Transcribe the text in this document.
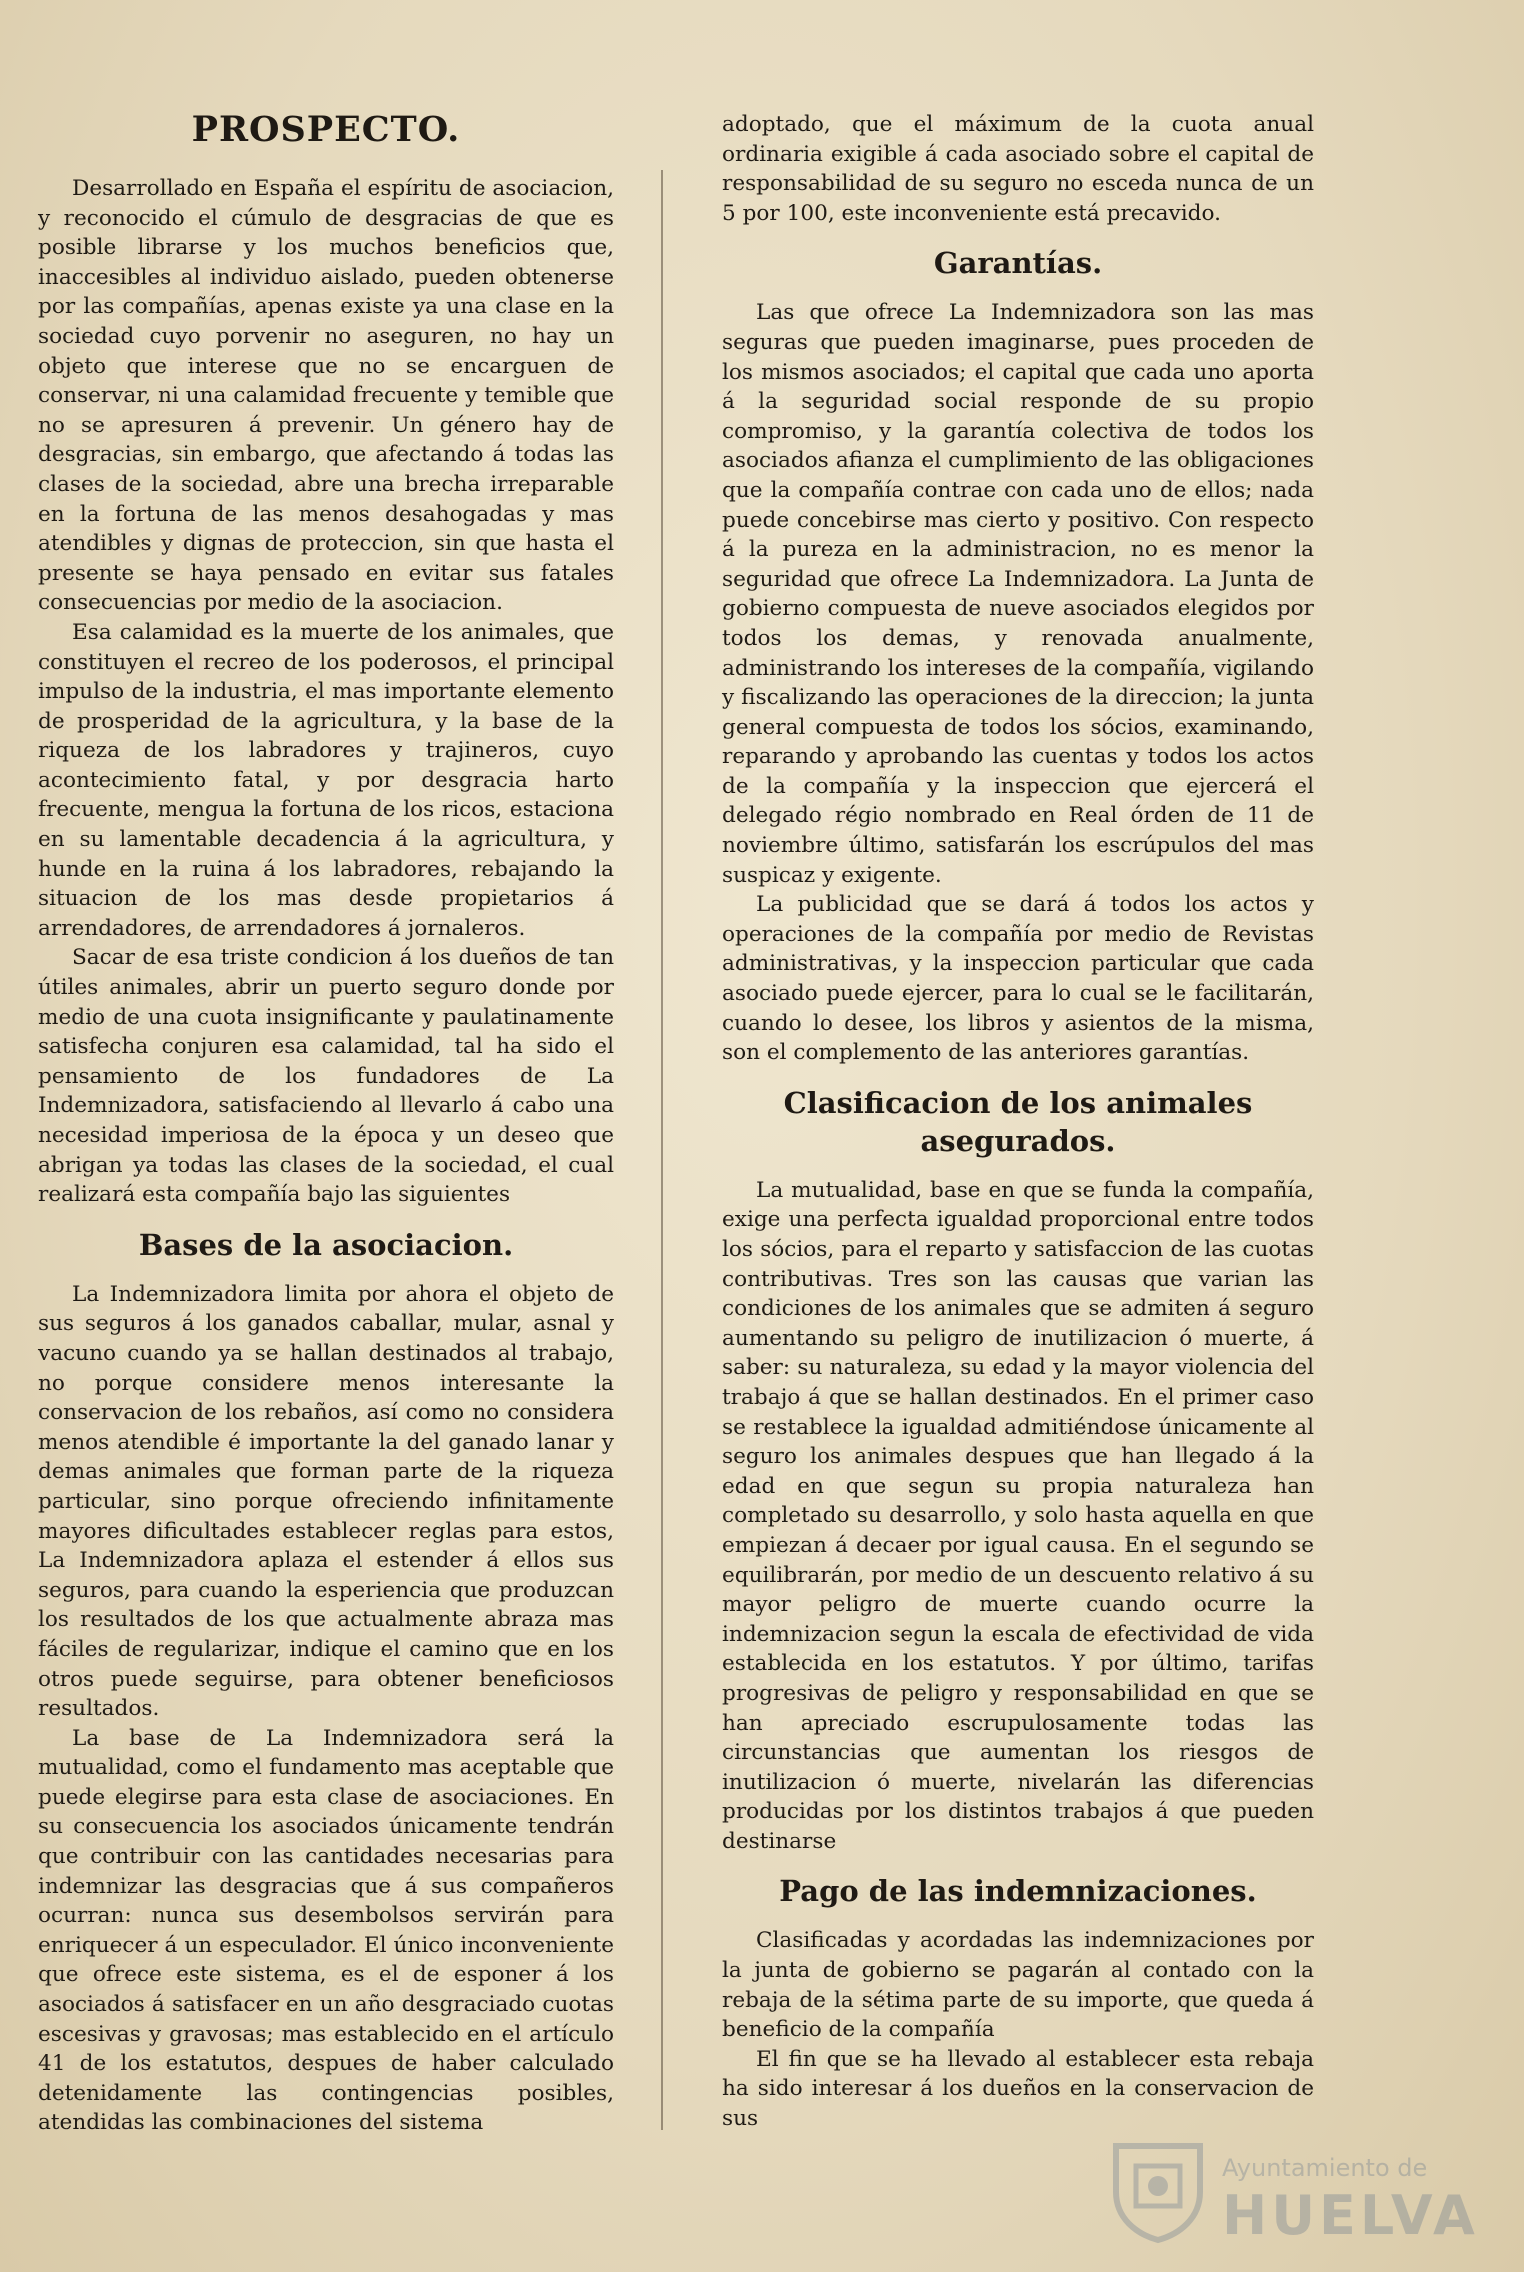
PROSPECTO.

Desarrollado en España el espíritu de asociacion, y reconocido el cúmulo de desgracias de que es posible librarse y los muchos beneficios que, inaccesibles al individuo aislado, pueden obtenerse por las compañías, apenas existe ya una clase en la sociedad cuyo porvenir no aseguren, no hay un objeto que interese que no se encarguen de conservar, ni una calamidad frecuente y temible que no se apresuren á prevenir. Un género hay de desgracias, sin embargo, que afectando á todas las clases de la sociedad, abre una brecha irreparable en la fortuna de las menos desahogadas y mas atendibles y dignas de proteccion, sin que hasta el presente se haya pensado en evitar sus fatales consecuencias por medio de la asociacion.

Esa calamidad es la muerte de los animales, que constituyen el recreo de los poderosos, el principal impulso de la industria, el mas importante elemento de prosperidad de la agricultura, y la base de la riqueza de los labradores y trajineros, cuyo acontecimiento fatal, y por desgracia harto frecuente, mengua la fortuna de los ricos, estaciona en su lamentable decadencia á la agricultura, y hunde en la ruina á los labradores, rebajando la situacion de los mas desde propietarios á arrendadores, de arrendadores á jornaleros.

Sacar de esa triste condicion á los dueños de tan útiles animales, abrir un puerto seguro donde por medio de una cuota insignificante y paulatinamente satisfecha conjuren esa calamidad, tal ha sido el pensamiento de los fundadores de La Indemnizadora, satisfaciendo al llevarlo á cabo una necesidad imperiosa de la época y un deseo que abrigan ya todas las clases de la sociedad, el cual realizará esta compañía bajo las siguientes

Bases de la asociacion.

La Indemnizadora limita por ahora el objeto de sus seguros á los ganados caballar, mular, asnal y vacuno cuando ya se hallan destinados al trabajo, no porque considere menos interesante la conservacion de los rebaños, así como no considera menos atendible é importante la del ganado lanar y demas animales que forman parte de la riqueza particular, sino porque ofreciendo infinitamente mayores dificultades establecer reglas para estos, La Indemnizadora aplaza el estender á ellos sus seguros, para cuando la esperiencia que produzcan los resultados de los que actualmente abraza mas fáciles de regularizar, indique el camino que en los otros puede seguirse, para obtener beneficiosos resultados.

La base de La Indemnizadora será la mutualidad, como el fundamento mas aceptable que puede elegirse para esta clase de asociaciones. En su consecuencia los asociados únicamente tendrán que contribuir con las cantidades necesarias para indemnizar las desgracias que á sus compañeros ocurran: nunca sus desembolsos servirán para enriquecer á un especulador. El único inconveniente que ofrece este sistema, es el de esponer á los asociados á satisfacer en un año desgraciado cuotas escesivas y gravosas; mas establecido en el artículo 41 de los estatutos, despues de haber calculado detenidamente las contingencias posibles, atendidas las combinaciones del sistema

adoptado, que el máximum de la cuota anual ordinaria exigible á cada asociado sobre el capital de responsabilidad de su seguro no esceda nunca de un 5 por 100, este inconveniente está precavido.

Garantías.

Las que ofrece La Indemnizadora son las mas seguras que pueden imaginarse, pues proceden de los mismos asociados; el capital que cada uno aporta á la seguridad social responde de su propio compromiso, y la garantía colectiva de todos los asociados afianza el cumplimiento de las obligaciones que la compañía contrae con cada uno de ellos; nada puede concebirse mas cierto y positivo. Con respecto á la pureza en la administracion, no es menor la seguridad que ofrece La Indemnizadora. La Junta de gobierno compuesta de nueve asociados elegidos por todos los demas, y renovada anualmente, administrando los intereses de la compañía, vigilando y fiscalizando las operaciones de la direccion; la junta general compuesta de todos los sócios, examinando, reparando y aprobando las cuentas y todos los actos de la compañía y la inspeccion que ejercerá el delegado régio nombrado en Real órden de 11 de noviembre último, satisfarán los escrúpulos del mas suspicaz y exigente.

La publicidad que se dará á todos los actos y operaciones de la compañía por medio de Revistas administrativas, y la inspeccion particular que cada asociado puede ejercer, para lo cual se le facilitarán, cuando lo desee, los libros y asientos de la misma, son el complemento de las anteriores garantías.

Clasificacion de los animales asegurados.

La mutualidad, base en que se funda la compañía, exige una perfecta igualdad proporcional entre todos los sócios, para el reparto y satisfaccion de las cuotas contributivas. Tres son las causas que varian las condiciones de los animales que se admiten á seguro aumentando su peligro de inutilizacion ó muerte, á saber: su naturaleza, su edad y la mayor violencia del trabajo á que se hallan destinados. En el primer caso se restablece la igualdad admitiéndose únicamente al seguro los animales despues que han llegado á la edad en que segun su propia naturaleza han completado su desarrollo, y solo hasta aquella en que empiezan á decaer por igual causa. En el segundo se equilibrarán, por medio de un descuento relativo á su mayor peligro de muerte cuando ocurre la indemnizacion segun la escala de efectividad de vida establecida en los estatutos. Y por último, tarifas progresivas de peligro y responsabilidad en que se han apreciado escrupulosamente todas las circunstancias que aumentan los riesgos de inutilizacion ó muerte, nivelarán las diferencias producidas por los distintos trabajos á que pueden destinarse

Pago de las indemnizaciones.

Clasificadas y acordadas las indemnizaciones por la junta de gobierno se pagarán al contado con la rebaja de la sétima parte de su importe, que queda á beneficio de la compañía

El fin que se ha llevado al establecer esta rebaja ha sido interesar á los dueños en la conservacion de sus

Ayuntamiento de
HUELVA
